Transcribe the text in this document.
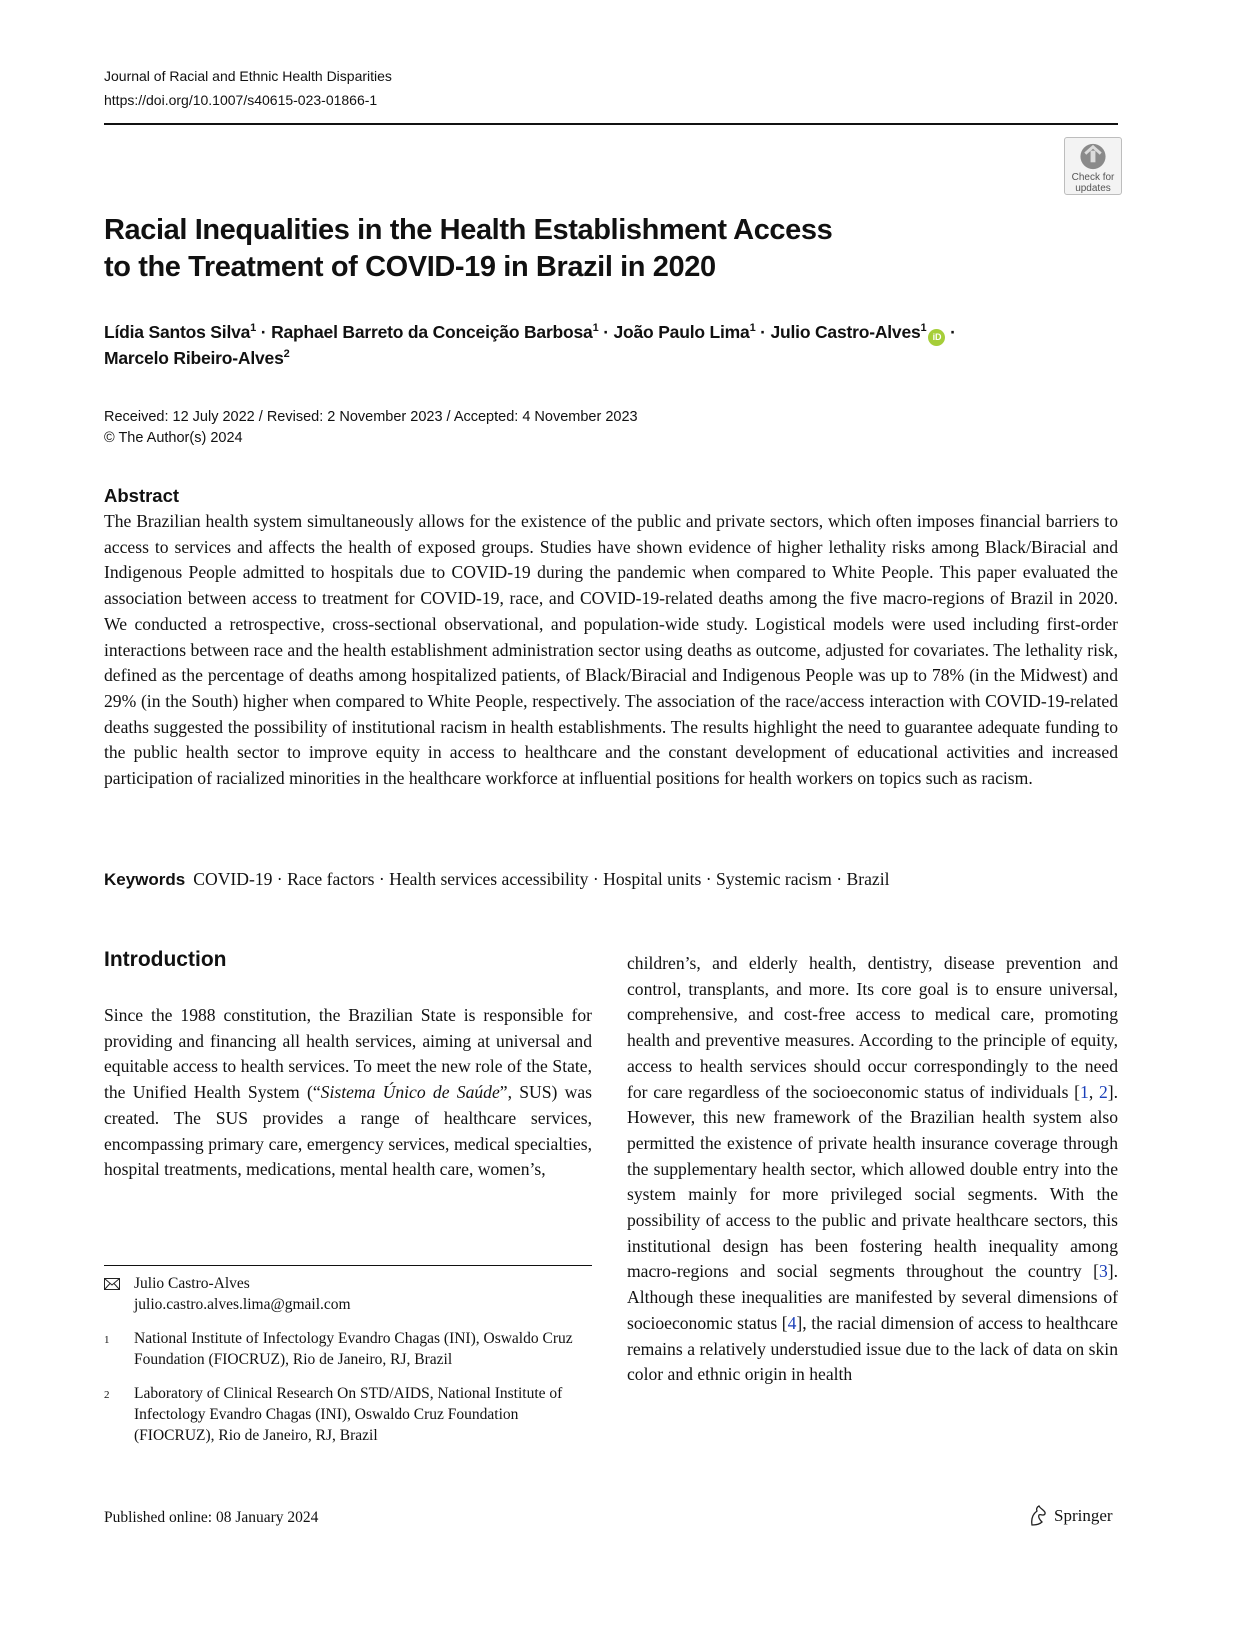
Journal of Racial and Ethnic Health Disparities
https://doi.org/10.1007/s40615-023-01866-1
Check for
updates
Racial Inequalities in the Health Establishment Access
to the Treatment of COVID-19 in Brazil in 2020
Lídia Santos Silva$^1$ · Raphael Barreto da Conceição Barbosa$^1$ · João Paulo Lima$^1$ · Julio Castro-Alves$^1$iD ·
Marcelo Ribeiro-Alves$^2$
Received: 12 July 2022 / Revised: 2 November 2023 / Accepted: 4 November 2023
© The Author(s) 2024
Abstract
The Brazilian health system simultaneously allows for the existence of the public and private sectors, which often imposes financial barriers to access to services and affects the health of exposed groups. Studies have shown evidence of higher lethality risks among Black/Biracial and Indigenous People admitted to hospitals due to COVID-19 during the pandemic when compared to White People. This paper evaluated the association between access to treatment for COVID-19, race, and COVID-19-related deaths among the five macro-regions of Brazil in 2020. We conducted a retrospective, cross-sectional observational, and population-wide study. Logistical models were used including first-order interactions between race and the health establishment administration sector using deaths as outcome, adjusted for covariates. The lethality risk, defined as the percentage of deaths among hospitalized patients, of Black/Biracial and Indigenous People was up to 78% (in the Midwest) and 29% (in the South) higher when compared to White People, respectively. The association of the race/access interaction with COVID-19-related deaths suggested the possibility of institutional racism in health establishments. The results highlight the need to guarantee adequate funding to the public health sector to improve equity in access to healthcare and the constant development of educational activities and increased participation of racialized minorities in the healthcare workforce at influential positions for health workers on topics such as racism.
Keywords COVID-19 · Race factors · Health services accessibility · Hospital units · Systemic racism · Brazil
Introduction
Since the 1988 constitution, the Brazilian State is responsible for providing and financing all health services, aiming at universal and equitable access to health services. To meet the new role of the State, the Unified Health System (“Sistema Único de Saúde”, SUS) was created. The SUS provides a range of healthcare services, encompassing primary care, emergency services, medical specialties, hospital treatments, medications, mental health care, women’s,
children’s, and elderly health, dentistry, disease prevention and control, transplants, and more. Its core goal is to ensure universal, comprehensive, and cost-free access to medical care, promoting health and preventive measures. According to the principle of equity, access to health services should occur correspondingly to the need for care regardless of the socioeconomic status of individuals [1, 2]. However, this new framework of the Brazilian health system also permitted the existence of private health insurance coverage through the supplementary health sector, which allowed double entry into the system mainly for more privileged social segments. With the possibility of access to the public and private healthcare sectors, this institutional design has been fostering health inequality among macro-regions and social segments throughout the country [3]. Although these inequalities are manifested by several dimensions of socioeconomic status [4], the racial dimension of access to healthcare remains a relatively understudied issue due to the lack of data on skin color and ethnic origin in health
Julio Castro-Alves
julio.castro.alves.lima@gmail.com
1	National Institute of Infectology Evandro Chagas (INI), Oswaldo Cruz Foundation (FIOCRUZ), Rio de Janeiro, RJ, Brazil
2	Laboratory of Clinical Research On STD/AIDS, National Institute of Infectology Evandro Chagas (INI), Oswaldo Cruz Foundation (FIOCRUZ), Rio de Janeiro, RJ, Brazil
Published online: 08 January 2024	Springer
